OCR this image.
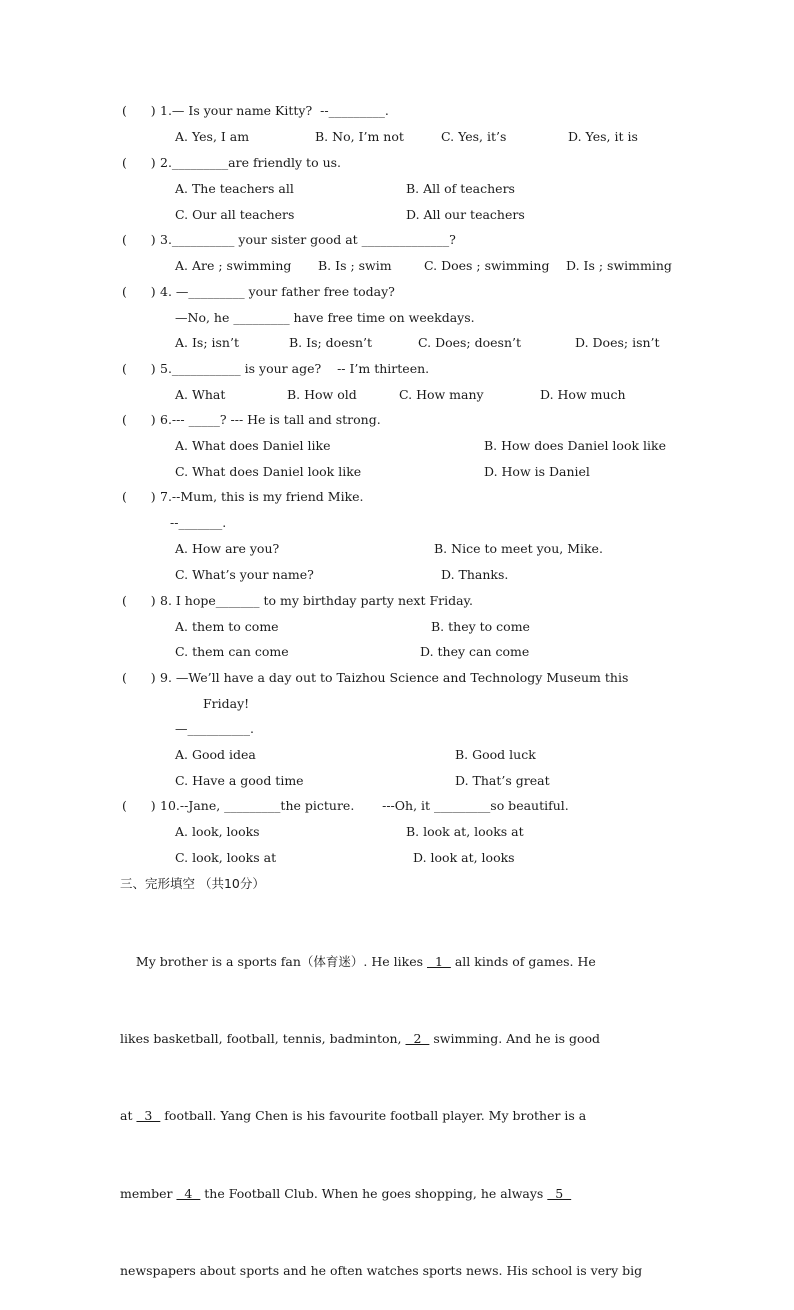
(      ) 1.— Is your name Kitty?  --_________.
A. Yes, I am	B. No, I’m not	C. Yes, it’s	D. Yes, it is
(      ) 2._________are friendly to us.
A. The teachers all	B. All of teachers
C. Our all teachers	D. All our teachers
(      ) 3.__________ your sister good at ______________?
A. Are ; swimming B. Is ; swim	C. Does ; swimming D. Is ; swimming
(      ) 4. —_________ your father free today?
—No, he _________ have free time on weekdays.
A. Is; isn’t	B. Is; doesn’t	C. Does; doesn’t	D. Does; isn’t
(      ) 5.___________ is your age?    -- I’m thirteen.
A. What	B. How old	C. How many	D. How much
(      ) 6.--- _____? --- He is tall and strong.
A. What does Daniel like	B. How does Daniel look like
C. What does Daniel look like	D. How is Daniel
(      ) 7.--Mum, this is my friend Mike.
--_______.
A. How are you?	B. Nice to meet you, Mike.
C. What’s your name?	D. Thanks.
(      ) 8. I hope_______ to my birthday party next Friday.
A. them to come	B. they to come
C. them can come	D. they can come
(      ) 9. —We’ll have a day out to Taizhou Science and Technology Museum this
Friday!
—__________.
A. Good idea	B. Good luck
C. Have a good time	D. That’s great
(      ) 10.--Jane, _________the picture.       ---Oh, it _________so beautiful.
A. look, looks	B. look at, looks at
C. look, looks at	D. look at, looks
三、完形填空 （共10分）

My brother is a sports fan（体育迷）. He likes   1   all kinds of games. He

likes basketball, football, tennis, badminton,   2   swimming. And he is good

at   3   football. Yang Chen is his favourite football player. My brother is a

member   4   the Football Club. When he goes shopping, he always   5

newspapers about sports and he often watches sports news. His school is very big
